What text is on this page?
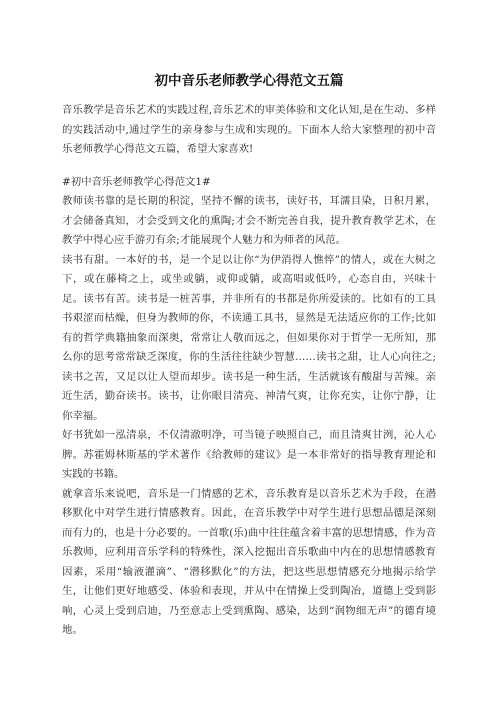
初中音乐老师教学心得范文五篇

音乐教学是音乐艺术的实践过程,音乐艺术的审美体验和文化认知,是在生动、多样的实践活动中,通过学生的亲身参与生成和实现的。下面本人给大家整理的初中音乐老师教学心得范文五篇，希望大家喜欢!

#初中音乐老师教学心得范文1#

教师读书靠的是长期的积淀，坚持不懈的读书，读好书，耳濡目染，日积月累，才会储备真知，才会受到文化的熏陶;才会不断完善自我，提升教育教学艺术，在教学中得心应手游刃有余;才能展现个人魅力和为师者的风范。

读书有甜。一本好的书，是一个足以让你“为伊消得人憔悴”的情人，或在大树之下，或在藤椅之上，或坐或躺，或仰或躺，或高唱或低吟，心态自由，兴味十足。读书有苦。读书是一桩苦事，并非所有的书都是你所爱读的。比如有的工具书艰涩而枯燥，但身为教师的你，不读通工具书，显然是无法适应你的工作;比如有的哲学典籍抽象而深奥，常常让人敬而远之，但如果你对于哲学一无所知，那么你的思考常常缺乏深度，你的生活往往缺少智慧……读书之甜，让人心向往之;读书之苦，又足以让人望而却步。读书是一种生活，生活就该有酸甜与苦辣。亲近生活，勤奋读书。读书，让你眼目清亮、神清气爽，让你充实，让你宁静，让你幸福。

好书犹如一泓清泉，不仅清澈明净，可当镜子映照自己，而且清爽甘洌，沁人心脾。苏霍姆林斯基的学术著作《给教师的建议》是一本非常好的指导教育理论和实践的书籍。

就拿音乐来说吧，音乐是一门情感的艺术，音乐教育是以音乐艺术为手段，在潜移默化中对学生进行情感教育。因此，在音乐教学中对学生进行思想品德是深刻而有力的，也是十分必要的。一首歌(乐)曲中往往蕴含着丰富的思想情感，作为音乐教师，应利用音乐学科的特殊性，深入挖掘出音乐歌曲中内在的思想情感教育因素，采用“输液灌滴”、“潜移默化”的方法，把这些思想情感充分地揭示给学生，让他们更好地感受、体验和表现，并从中在情操上受到陶冶，道德上受到影响，心灵上受到启迪，乃至意志上受到熏陶、感染，达到“润物细无声”的德育境地。
